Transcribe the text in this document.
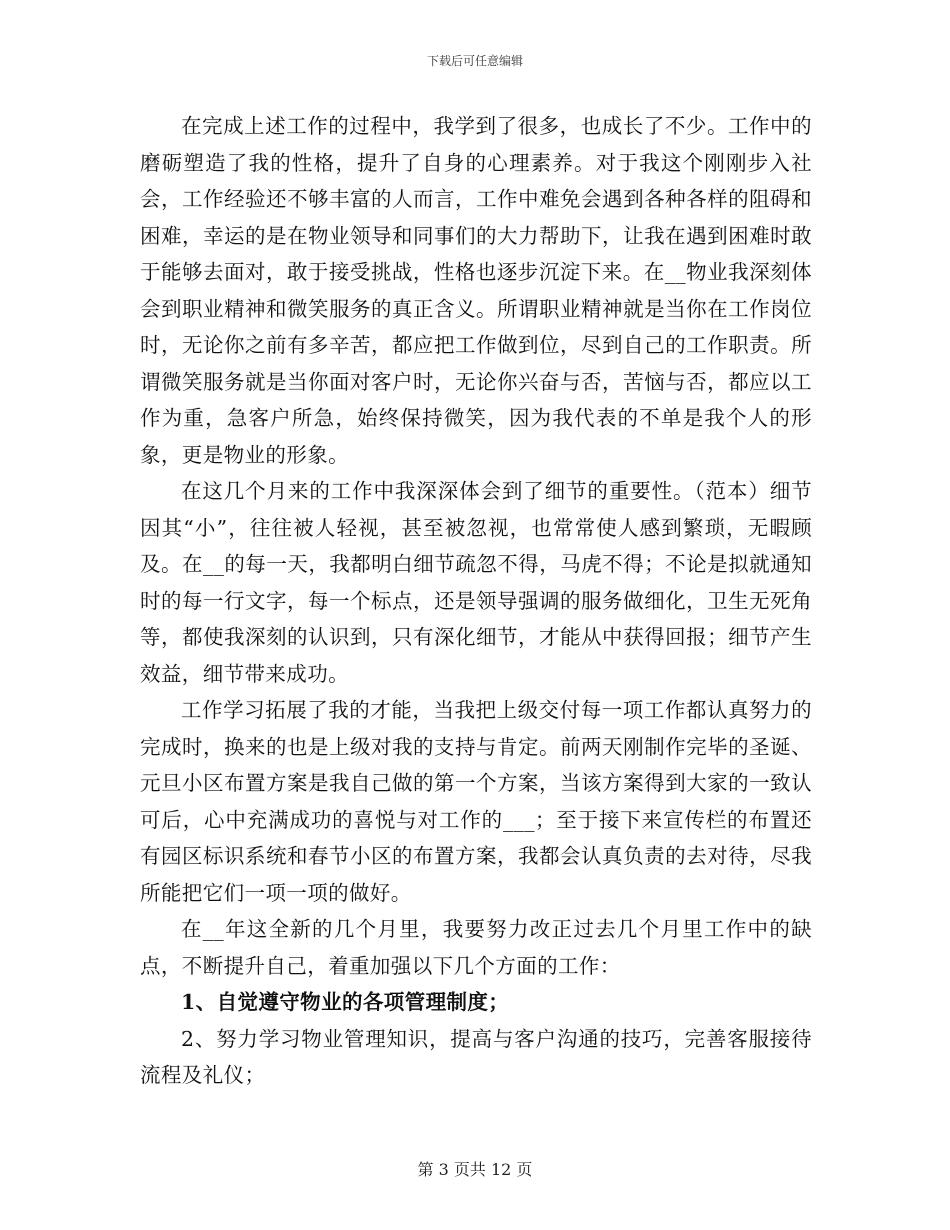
下载后可任意编辑

在完成上述工作的过程中，我学到了很多，也成长了不少。工作中的磨砺塑造了我的性格，提升了自身的心理素养。对于我这个刚刚步入社会，工作经验还不够丰富的人而言，工作中难免会遇到各种各样的阻碍和困难，幸运的是在物业领导和同事们的大力帮助下，让我在遇到困难时敢于能够去面对，敢于接受挑战，性格也逐步沉淀下来。在__物业我深刻体会到职业精神和微笑服务的真正含义。所谓职业精神就是当你在工作岗位时，无论你之前有多辛苦，都应把工作做到位，尽到自己的工作职责。所谓微笑服务就是当你面对客户时，无论你兴奋与否，苦恼与否，都应以工作为重，急客户所急，始终保持微笑，因为我代表的不单是我个人的形象，更是物业的形象。

在这几个月来的工作中我深深体会到了细节的重要性。（范本）细节因其“小”，往往被人轻视，甚至被忽视，也常常使人感到繁琐，无暇顾及。在__的每一天，我都明白细节疏忽不得，马虎不得；不论是拟就通知时的每一行文字，每一个标点，还是领导强调的服务做细化，卫生无死角等，都使我深刻的认识到，只有深化细节，才能从中获得回报；细节产生效益，细节带来成功。

工作学习拓展了我的才能，当我把上级交付每一项工作都认真努力的完成时，换来的也是上级对我的支持与肯定。前两天刚制作完毕的圣诞、元旦小区布置方案是我自己做的第一个方案，当该方案得到大家的一致认可后，心中充满成功的喜悦与对工作的___；至于接下来宣传栏的布置还有园区标识系统和春节小区的布置方案，我都会认真负责的去对待，尽我所能把它们一项一项的做好。

在__年这全新的几个月里，我要努力改正过去几个月里工作中的缺点，不断提升自己，着重加强以下几个方面的工作：

1、自觉遵守物业的各项管理制度；

2、努力学习物业管理知识，提高与客户沟通的技巧，完善客服接待流程及礼仪；

第 3 页共 12 页
